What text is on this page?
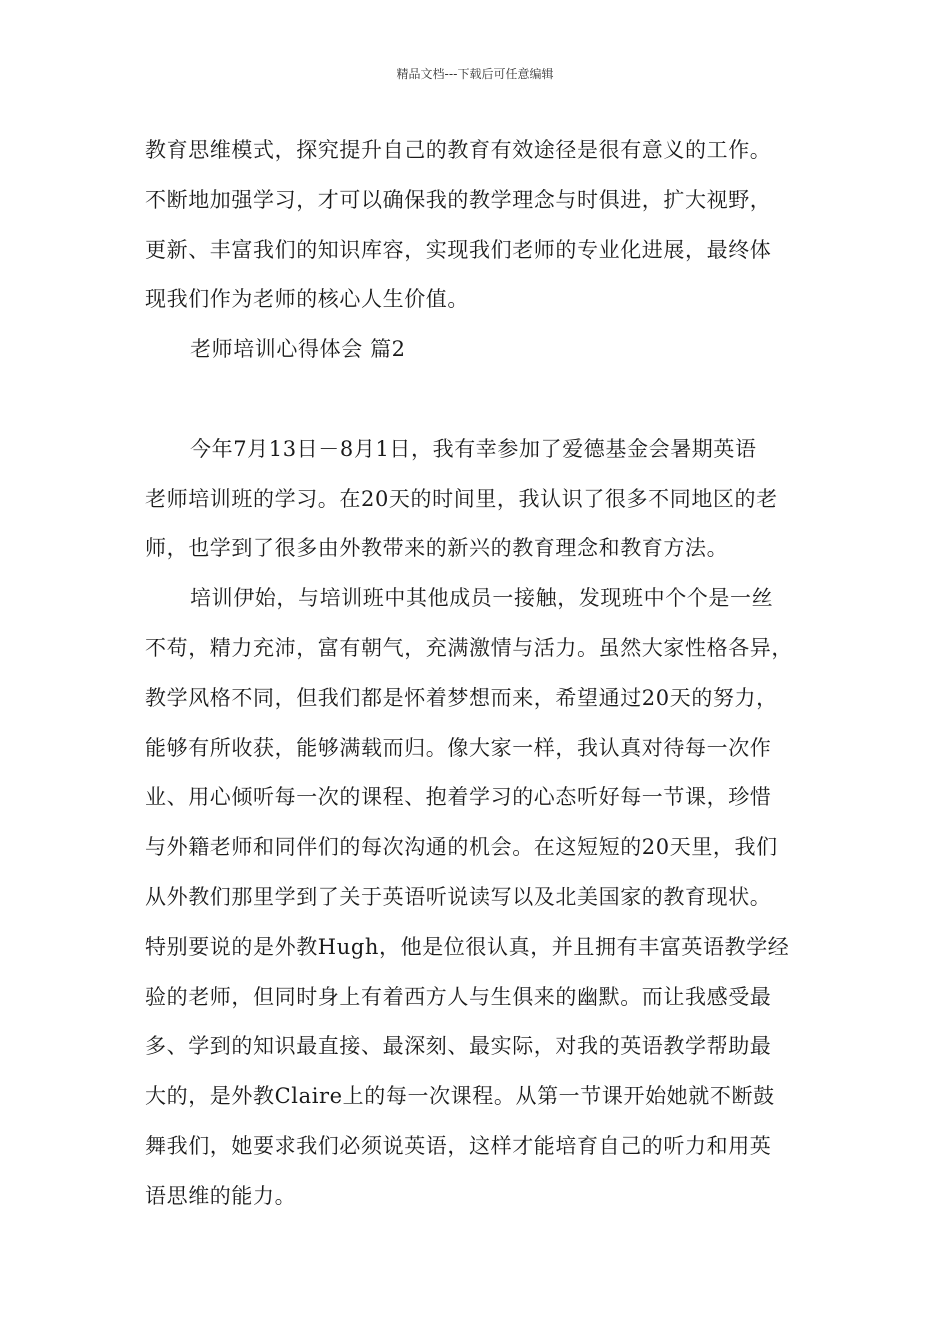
精品文档---下载后可任意编辑
教育思维模式，探究提升自己的教育有效途径是很有意义的工作。
不断地加强学习，才可以确保我的教学理念与时俱进，扩大视野，
更新、丰富我们的知识库容，实现我们老师的专业化进展，最终体
现我们作为老师的核心人生价值。
老师培训心得体会 篇2
今年7月13日－8月1日，我有幸参加了爱德基金会暑期英语
老师培训班的学习。在20天的时间里，我认识了很多不同地区的老
师，也学到了很多由外教带来的新兴的教育理念和教育方法。
培训伊始，与培训班中其他成员一接触，发现班中个个是一丝
不苟，精力充沛，富有朝气，充满激情与活力。虽然大家性格各异，
教学风格不同，但我们都是怀着梦想而来，希望通过20天的努力，
能够有所收获，能够满载而归。像大家一样，我认真对待每一次作
业、用心倾听每一次的课程、抱着学习的心态听好每一节课，珍惜
与外籍老师和同伴们的每次沟通的机会。在这短短的20天里，我们
从外教们那里学到了关于英语听说读写以及北美国家的教育现状。
特别要说的是外教Hugh，他是位很认真，并且拥有丰富英语教学经
验的老师，但同时身上有着西方人与生俱来的幽默。而让我感受最
多、学到的知识最直接、最深刻、最实际，对我的英语教学帮助最
大的，是外教Claire上的每一次课程。从第一节课开始她就不断鼓
舞我们，她要求我们必须说英语，这样才能培育自己的听力和用英
语思维的能力。
